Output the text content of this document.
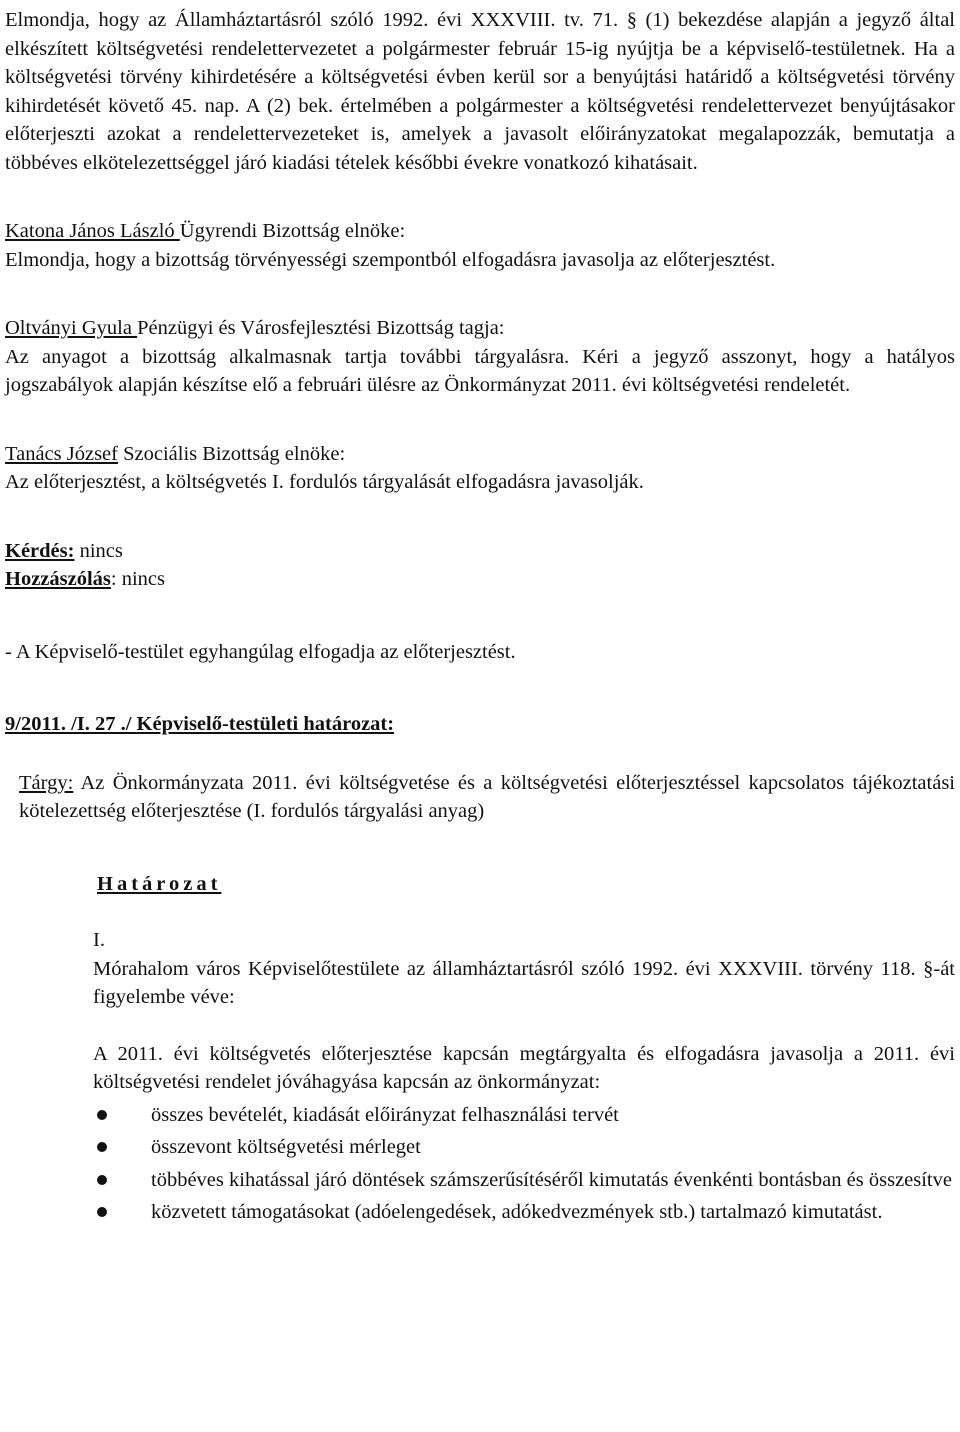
Elmondja, hogy az Államháztartásról szóló 1992. évi XXXVIII. tv. 71. § (1) bekezdése alapján a jegyző által elkészített költségvetési rendelettervezetet a polgármester február 15-ig nyújtja be a képviselő-testületnek. Ha a költségvetési törvény kihirdetésére a költségvetési évben kerül sor a benyújtási határidő a költségvetési törvény kihirdetését követő 45. nap. A (2) bek. értelmében a polgármester a költségvetési rendelettervezet benyújtásakor előterjeszti azokat a rendelettervezeteket is, amelyek a javasolt előirányzatokat megalapozzák, bemutatja a többéves elkötelezettséggel járó kiadási tételek későbbi évekre vonatkozó kihatásait.

Katona János László Ügyrendi Bizottság elnöke:

Elmondja, hogy a bizottság törvényességi szempontból elfogadásra javasolja az előterjesztést.

Oltványi Gyula Pénzügyi és Városfejlesztési Bizottság tagja:

Az anyagot a bizottság alkalmasnak tartja további tárgyalásra. Kéri a jegyző asszonyt, hogy a hatályos jogszabályok alapján készítse elő a februári ülésre az Önkormányzat 2011. évi költségvetési rendeletét.

Tanács József Szociális Bizottság elnöke:

Az előterjesztést, a költségvetés I. fordulós tárgyalását elfogadásra javasolják.

Kérdés: nincs
Hozzászólás: nincs

- A Képviselő-testület egyhangúlag elfogadja az előterjesztést.

9/2011. /I. 27 ./ Képviselő-testületi határozat:

Tárgy: Az Önkormányzata 2011. évi költségvetése és a költségvetési előterjesztéssel kapcsolatos tájékoztatási kötelezettség előterjesztése (I. fordulós tárgyalási anyag)

Határozat
I.

Mórahalom város Képviselőtestülete az államháztartásról szóló 1992. évi XXXVIII. törvény 118. §-át figyelembe véve:

A 2011. évi költségvetés előterjesztése kapcsán megtárgyalta és elfogadásra javasolja a 2011. évi költségvetési rendelet jóváhagyása kapcsán az önkormányzat:

összes bevételét, kiadását előirányzat felhasználási tervét
összevont költségvetési mérleget
többéves kihatással járó döntések számszerűsítéséről kimutatás évenkénti bontásban és összesítve
közvetett támogatásokat (adóelengedések, adókedvezmények stb.) tartalmazó kimutatást.
